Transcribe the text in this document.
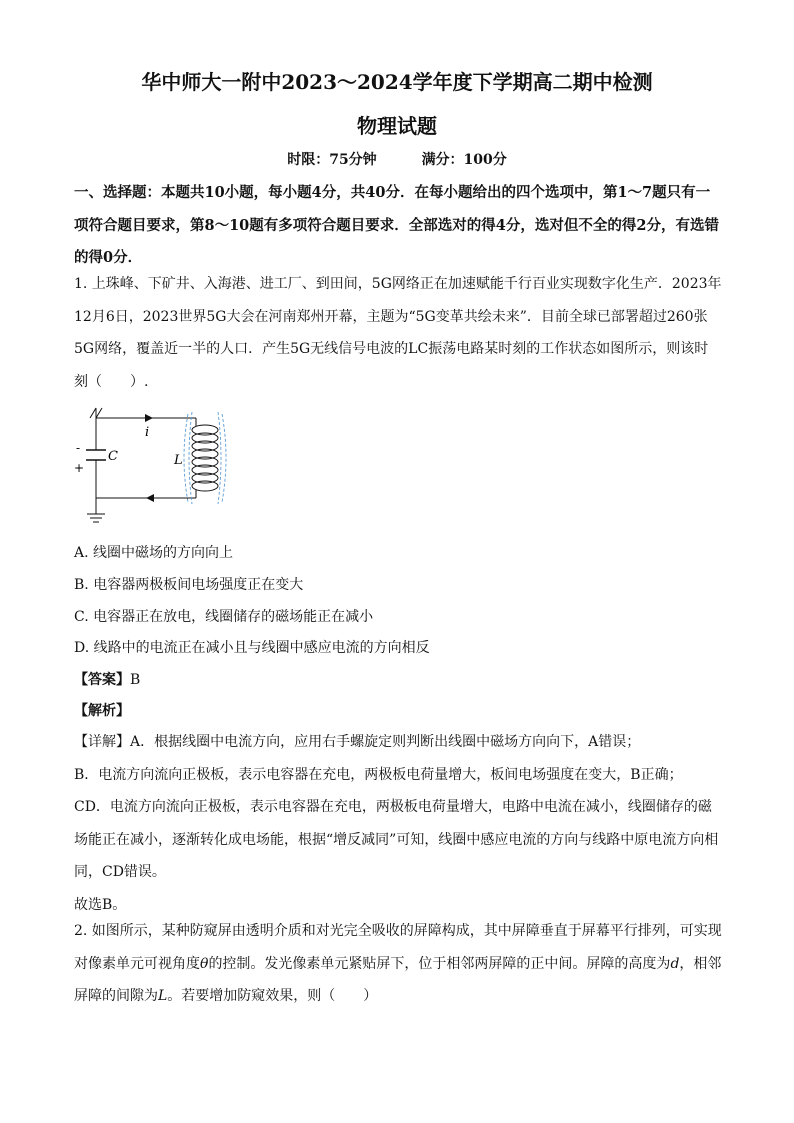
华中师大一附中2023～2024学年度下学期高二期中检测
物理试题
时限：75分钟	满分：100分

一、选择题：本题共10小题，每小题4分，共40分．在每小题给出的四个选项中，第1～7题只有一项符合题目要求，第8～10题有多项符合题目要求．全部选对的得4分，选对但不全的得2分，有选错的得0分．

1. 上珠峰、下矿井、入海港、进工厂、到田间，5G网络正在加速赋能千行百业实现数字化生产．2023年12月6日，2023世界5G大会在河南郑州开幕，主题为“5G变革共绘未来”．目前全球已部署超过260张5G网络，覆盖近一半的人口．产生5G无线信号电波的LC振荡电路某时刻的工作状态如图所示，则该时刻（　　）.

i
C	L
-
+
A. 线圈中磁场的方向向上
B. 电容器两极板间电场强度正在变大
C. 电容器正在放电，线圈储存的磁场能正在减小
D. 线路中的电流正在减小且与线圈中感应电流的方向相反
【答案】B
【解析】
【详解】A．根据线圈中电流方向，应用右手螺旋定则判断出线圈中磁场方向向下，A错误；
B．电流方向流向正极板，表示电容器在充电，两极板电荷量增大，板间电场强度在变大，B正确；
CD．电流方向流向正极板，表示电容器在充电，两极板电荷量增大，电路中电流在减小，线圈储存的磁场能正在减小，逐渐转化成电场能，根据“增反减同”可知，线圈中感应电流的方向与线路中原电流方向相同，CD错误。
故选B。

2. 如图所示，某种防窥屏由透明介质和对光完全吸收的屏障构成，其中屏障垂直于屏幕平行排列，可实现对像素单元可视角度θ的控制。发光像素单元紧贴屏下，位于相邻两屏障的正中间。屏障的高度为d，相邻屏障的间隙为L。若要增加防窥效果，则（　　）
